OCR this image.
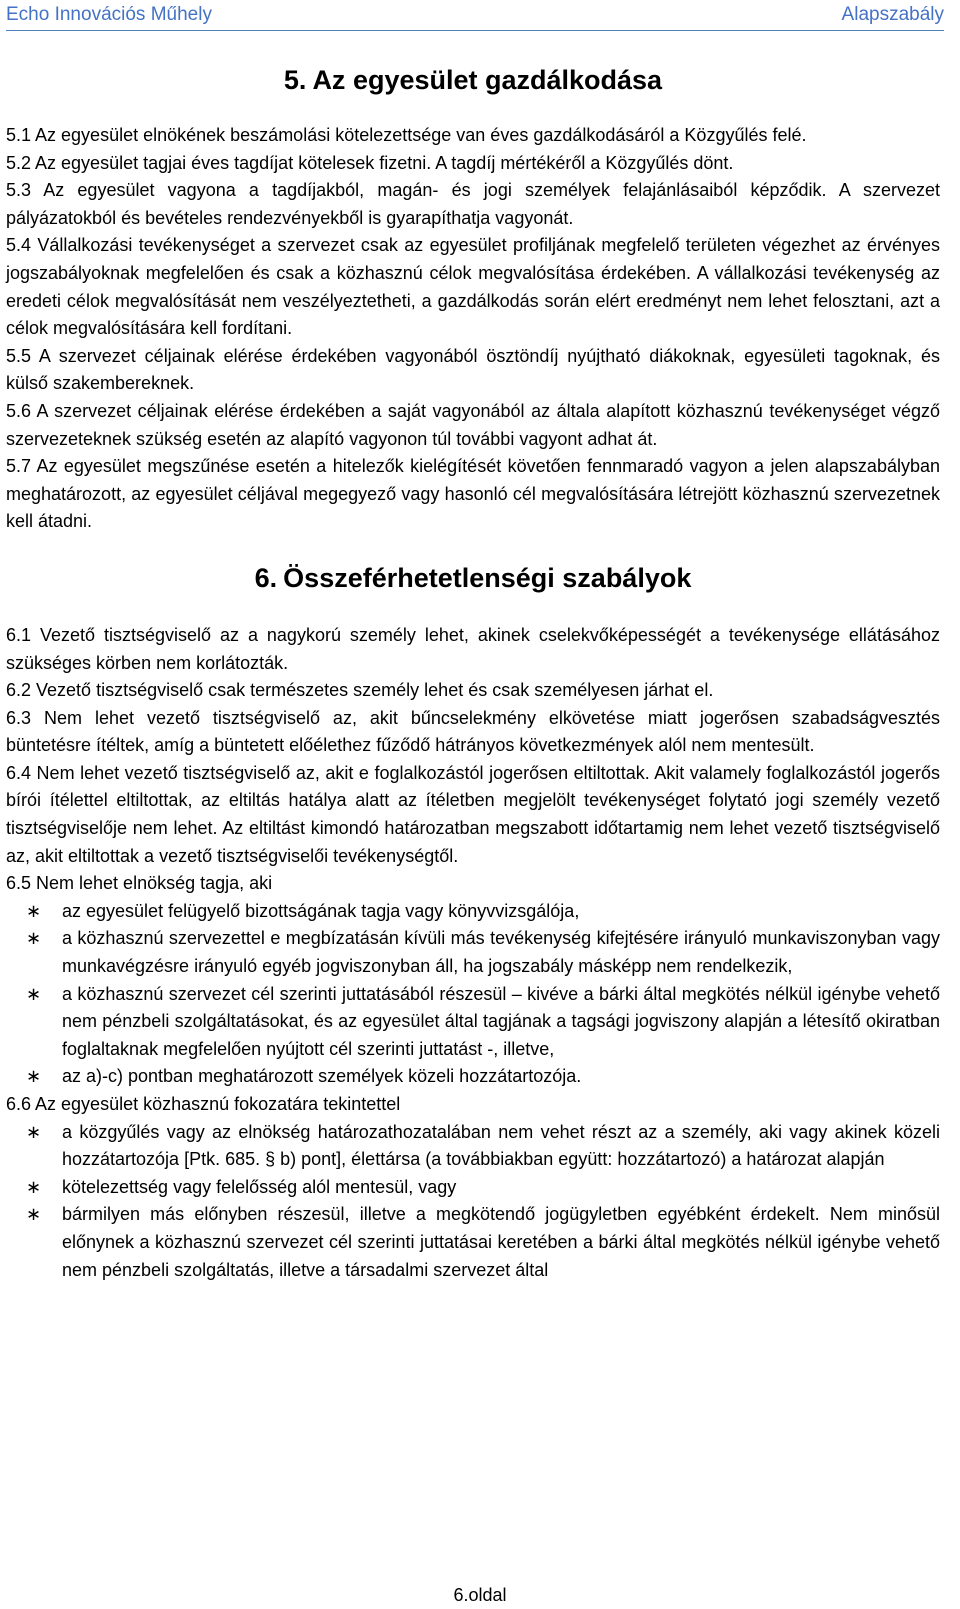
Echo Innovációs Műhely	Alapszabály
5. Az egyesület gazdálkodása

5.1 Az egyesület elnökének beszámolási kötelezettsége van éves gazdálkodásáról a Közgyűlés felé.

5.2 Az egyesület tagjai éves tagdíjat kötelesek fizetni. A tagdíj mértékéről a Közgyűlés dönt.

5.3 Az egyesület vagyona a tagdíjakból, magán- és jogi személyek felajánlásaiból képződik. A szervezet pályázatokból és bevételes rendezvényekből is gyarapíthatja vagyonát.

5.4 Vállalkozási tevékenységet a szervezet csak az egyesület profiljának megfelelő területen végezhet az érvényes jogszabályoknak megfelelően és csak a közhasznú célok megvalósítása érdekében. A vállalkozási tevékenység az eredeti célok megvalósítását nem veszélyeztetheti, a gazdálkodás során elért eredményt nem lehet felosztani, azt a célok megvalósítására kell fordítani.

5.5 A szervezet céljainak elérése érdekében vagyonából ösztöndíj nyújtható diákoknak, egyesületi tagoknak, és külső szakembereknek.

5.6 A szervezet céljainak elérése érdekében a saját vagyonából az általa alapított közhasznú tevékenységet végző szervezeteknek szükség esetén az alapító vagyonon túl további vagyont adhat át.

5.7 Az egyesület megszűnése esetén a hitelezők kielégítését követően fennmaradó vagyon a jelen alapszabályban meghatározott, az egyesület céljával megegyező vagy hasonló cél megvalósítására létrejött közhasznú szervezetnek kell átadni.

6. Összeférhetetlenségi szabályok

6.1 Vezető tisztségviselő az a nagykorú személy lehet, akinek cselekvőképességét a tevékenysége ellátásához szükséges körben nem korlátozták.

6.2 Vezető tisztségviselő csak természetes személy lehet és csak személyesen járhat el.

6.3 Nem lehet vezető tisztségviselő az, akit bűncselekmény elkövetése miatt jogerősen szabadságvesztés büntetésre ítéltek, amíg a büntetett előélethez fűződő hátrányos következmények alól nem mentesült.

6.4 Nem lehet vezető tisztségviselő az, akit e foglalkozástól jogerősen eltiltottak. Akit valamely foglalkozástól jogerős bírói ítélettel eltiltottak, az eltiltás hatálya alatt az ítéletben megjelölt tevékenységet folytató jogi személy vezető tisztségviselője nem lehet. Az eltiltást kimondó határozatban megszabott időtartamig nem lehet vezető tisztségviselő az, akit eltiltottak a vezető tisztségviselői tevékenységtől.

6.5 Nem lehet elnökség tagja, aki

∗ az egyesület felügyelő bizottságának tagja vagy könyvvizsgálója,
∗ a közhasznú szervezettel e megbízatásán kívüli más tevékenység kifejtésére irányuló munkaviszonyban vagy munkavégzésre irányuló egyéb jogviszonyban áll, ha jogszabály másképp nem rendelkezik,
∗ a közhasznú szervezet cél szerinti juttatásából részesül – kivéve a bárki által megkötés nélkül igénybe vehető nem pénzbeli szolgáltatásokat, és az egyesület által tagjának a tagsági jogviszony alapján a létesítő okiratban foglaltaknak megfelelően nyújtott cél szerinti juttatást -, illetve,
∗ az a)-c) pontban meghatározott személyek közeli hozzátartozója.

6.6 Az egyesület közhasznú fokozatára tekintettel

∗ a közgyűlés vagy az elnökség határozathozatalában nem vehet részt az a személy, aki vagy akinek közeli hozzátartozója [Ptk. 685. § b) pont], élettársa (a továbbiakban együtt: hozzátartozó) a határozat alapján
∗ kötelezettség vagy felelősség alól mentesül, vagy
∗ bármilyen más előnyben részesül, illetve a megkötendő jogügyletben egyébként érdekelt. Nem minősül előnynek a közhasznú szervezet cél szerinti juttatásai keretében a bárki által megkötés nélkül igénybe vehető nem pénzbeli szolgáltatás, illetve a társadalmi szervezet által
6.oldal
